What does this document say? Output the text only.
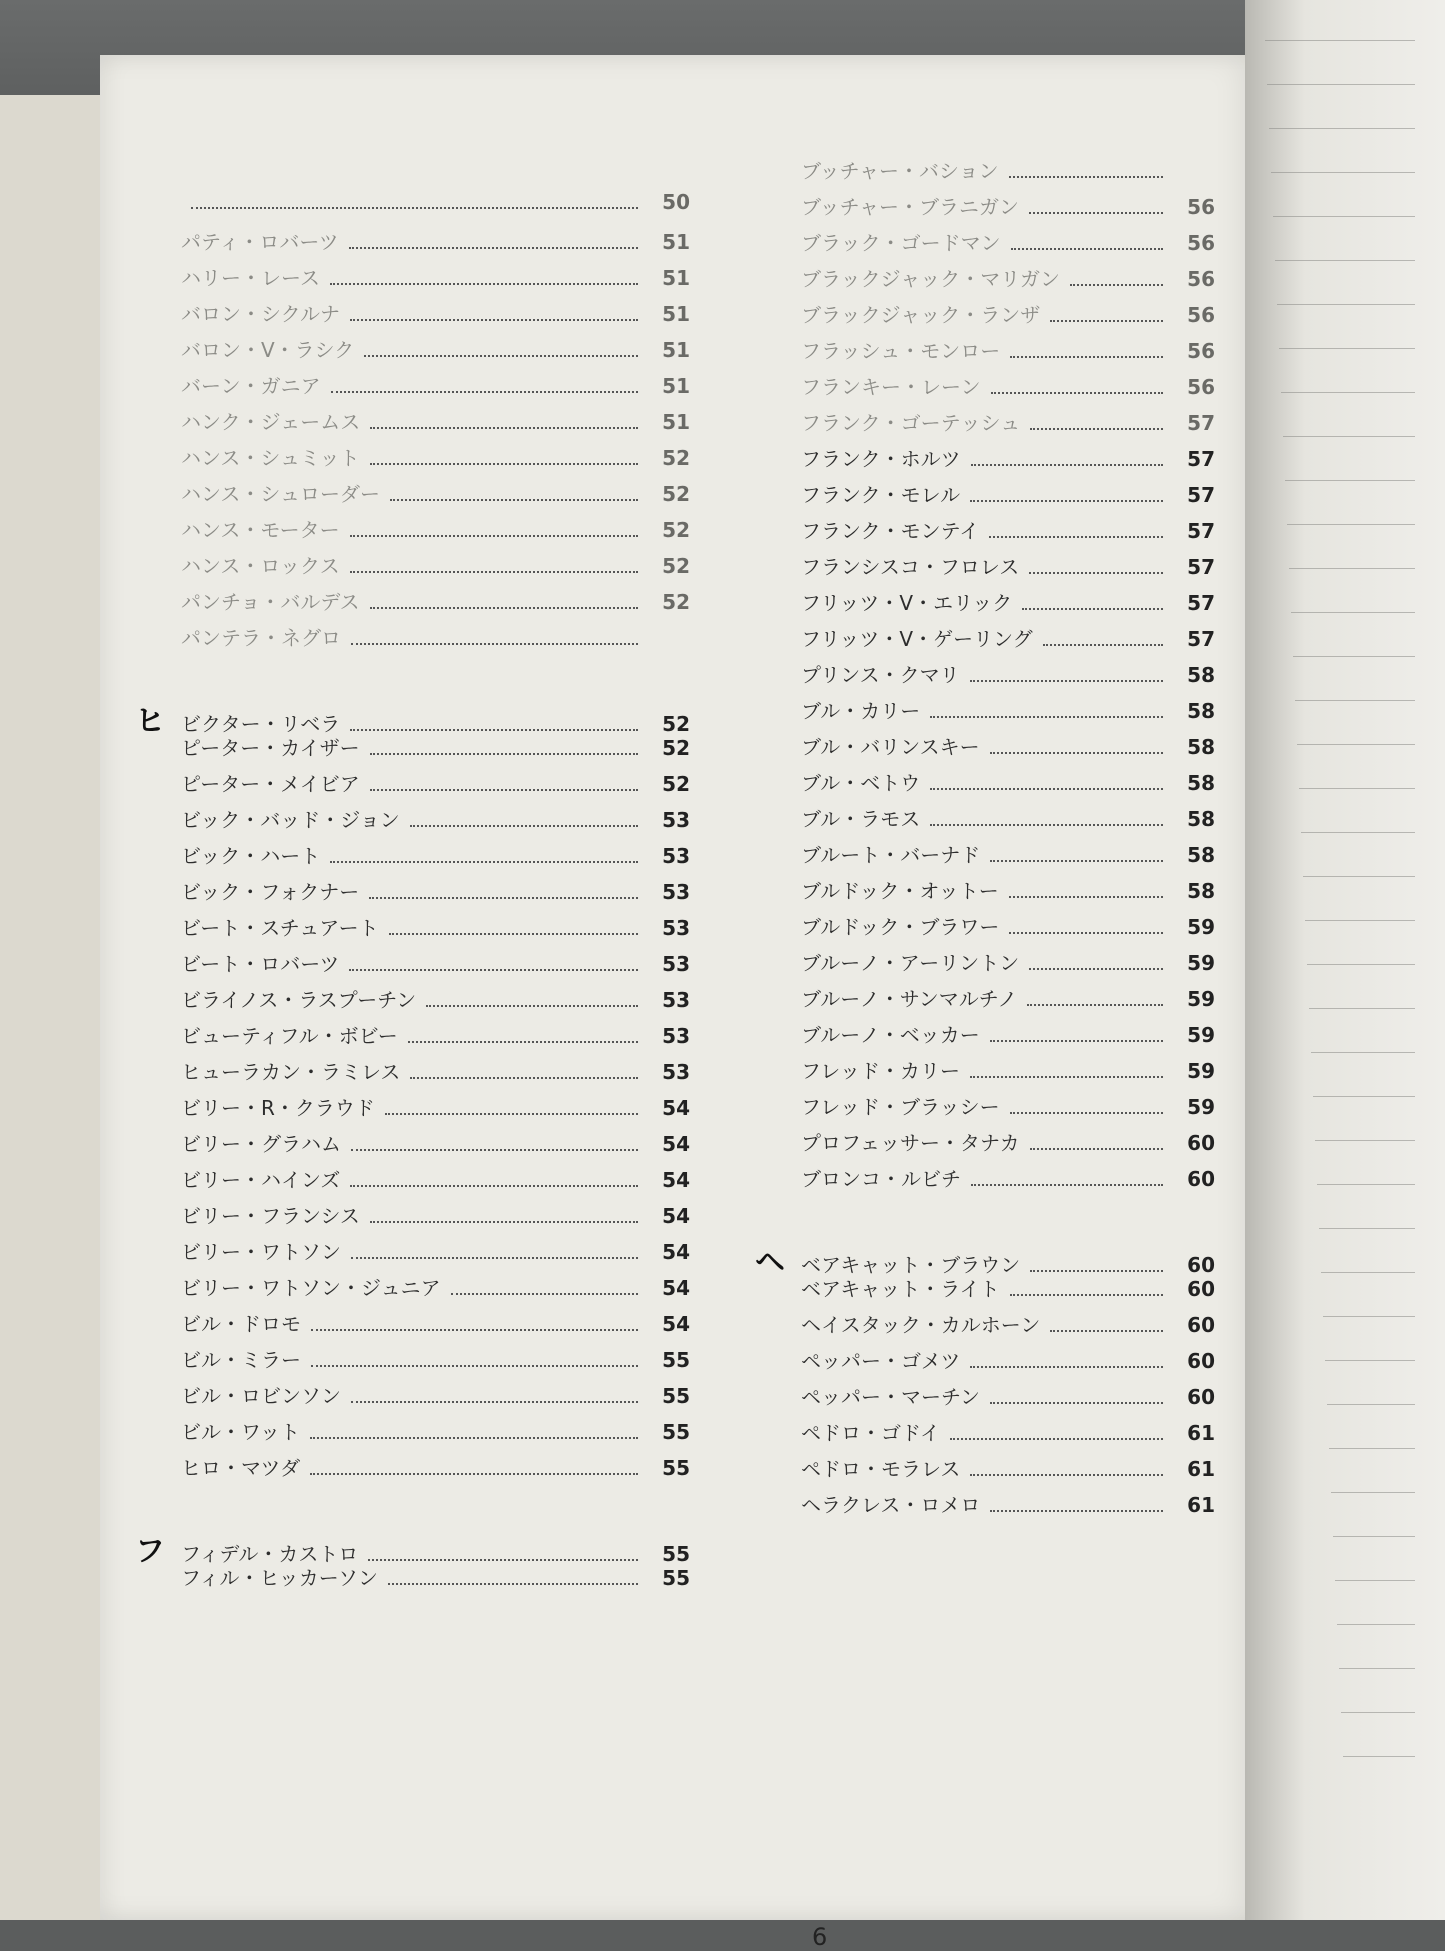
50
パティ・ロバーツ	51
ハリー・レース	51
バロン・シクルナ	51
バロン・V・ラシク	51
バーン・ガニア	51
ハンク・ジェームス	51
ハンス・シュミット	52
ハンス・シュローダー	52
ハンス・モーター	52
ハンス・ロックス	52
パンチョ・バルデス	52
パンテラ・ネグロ
ヒ ビクター・リベラ	52
ピーター・カイザー	52
ピーター・メイビア	52
ビック・バッド・ジョン	53
ビック・ハート	53
ビック・フォクナー	53
ビート・スチュアート	53
ビート・ロバーツ	53
ビライノス・ラスプーチン	53
ビューティフル・ボビー	53
ヒューラカン・ラミレス	53
ビリー・R・クラウド	54
ビリー・グラハム	54
ビリー・ハインズ	54
ビリー・フランシス	54
ビリー・ワトソン	54
ビリー・ワトソン・ジュニア	54
ビル・ドロモ	54
ビル・ミラー	55
ビル・ロビンソン	55
ビル・ワット	55
ヒロ・マツダ	55
フ フィデル・カストロ	55
フィル・ヒッカーソン	55
ブッチャー・バション
ブッチャー・ブラニガン	56
ブラック・ゴードマン	56
ブラックジャック・マリガン	56
ブラックジャック・ランザ	56
フラッシュ・モンロー	56
フランキー・レーン	56
フランク・ゴーテッシュ	57
フランク・ホルツ	57
フランク・モレル	57
フランク・モンテイ	57
フランシスコ・フロレス	57
フリッツ・V・エリック	57
フリッツ・V・ゲーリング	57
プリンス・クマリ	58
ブル・カリー	58
ブル・バリンスキー	58
ブル・ベトウ	58
ブル・ラモス	58
ブルート・バーナド	58
ブルドック・オットー	58
ブルドック・ブラワー	59
ブルーノ・アーリントン	59
ブルーノ・サンマルチノ	59
ブルーノ・ベッカー	59
フレッド・カリー	59
フレッド・ブラッシー	59
プロフェッサー・タナカ	60
ブロンコ・ルビチ	60
ヘ ベアキャット・ブラウン	60
ベアキャット・ライト	60
ヘイスタック・カルホーン	60
ペッパー・ゴメツ	60
ペッパー・マーチン	60
ペドロ・ゴドイ	61
ペドロ・モラレス	61
ヘラクレス・ロメロ	61
6
